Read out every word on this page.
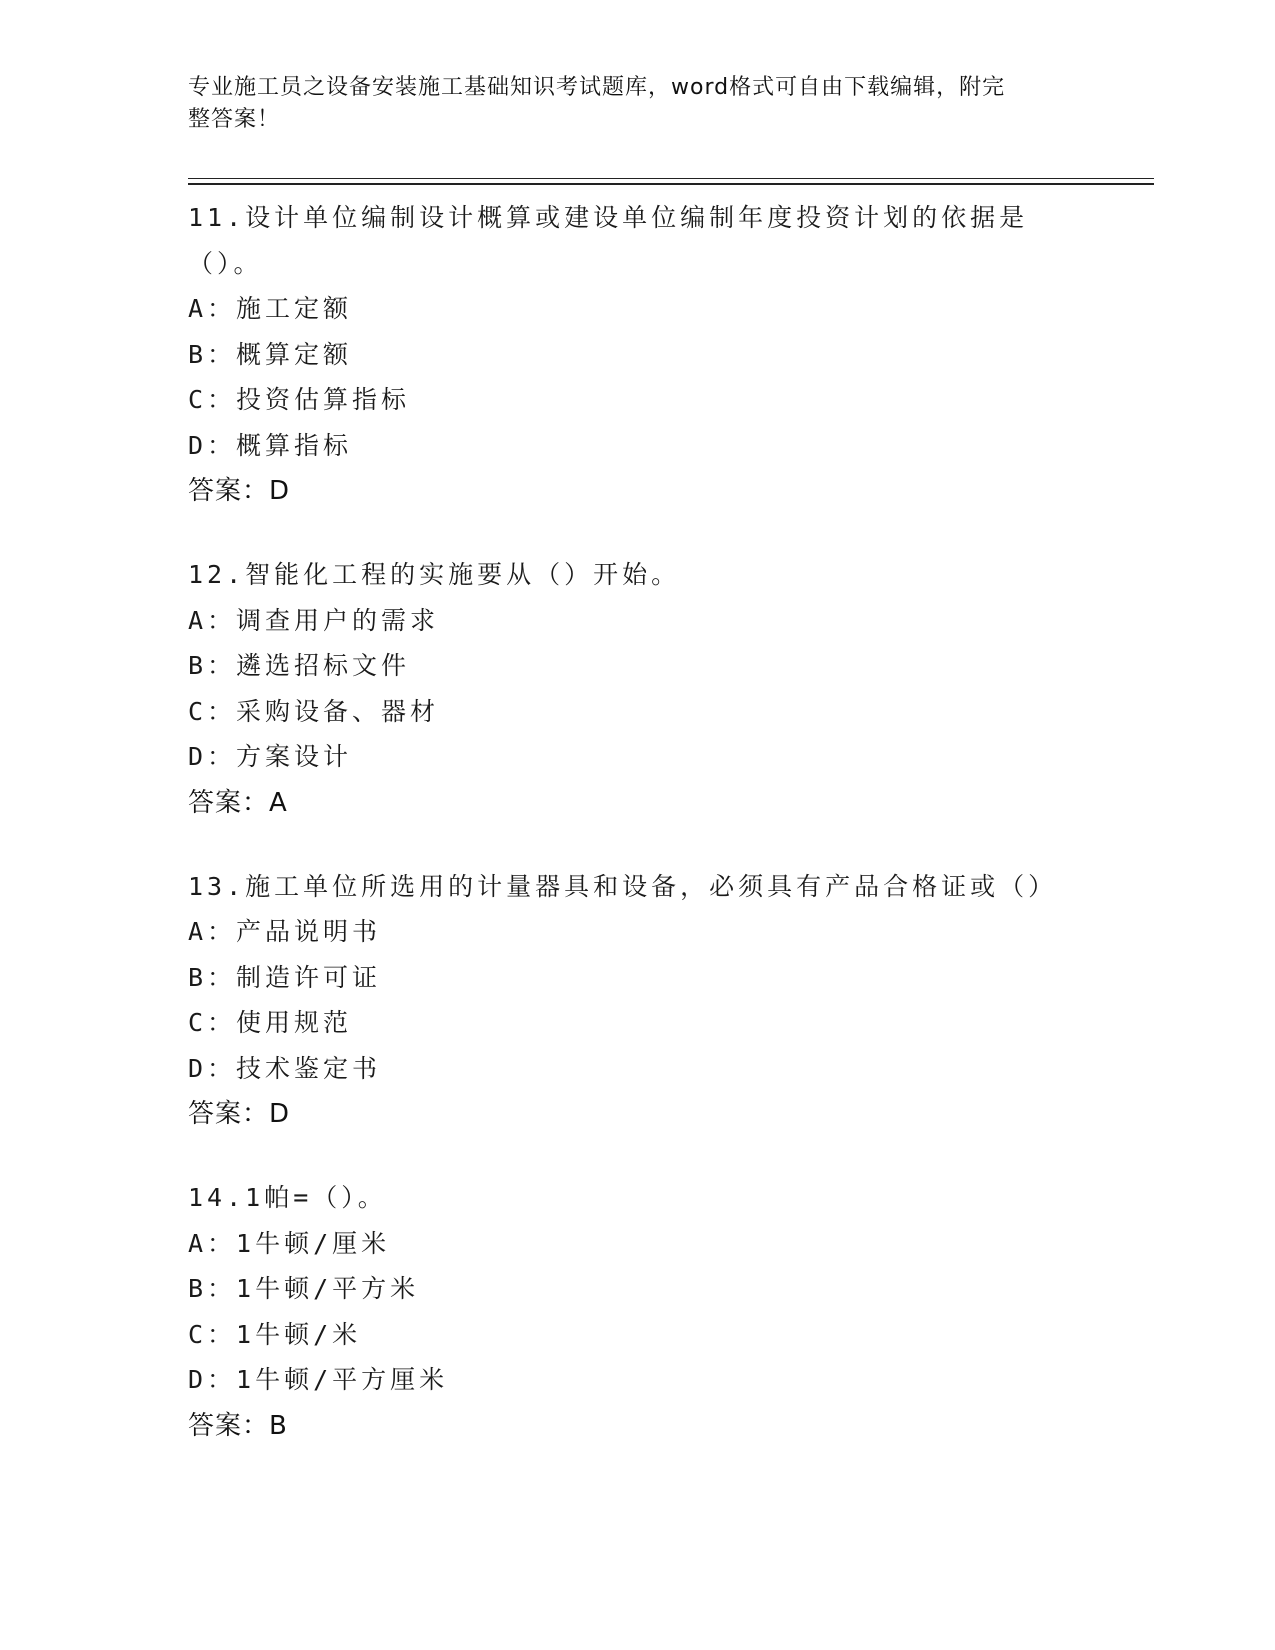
专业施工员之设备安装施工基础知识考试题库，word格式可自由下载编辑，附完
整答案！
11.设计单位编制设计概算或建设单位编制年度投资计划的依据是（）。
A：施工定额
B：概算定额
C：投资估算指标
D：概算指标
答案：D
12.智能化工程的实施要从（）开始。
A：调查用户的需求
B：遴选招标文件
C：采购设备、器材
D：方案设计
答案：A
13.施工单位所选用的计量器具和设备，必须具有产品合格证或（）
A：产品说明书
B：制造许可证
C：使用规范
D：技术鉴定书
答案：D
14.1帕=（）。
A：1牛顿/厘米
B：1牛顿/平方米
C：1牛顿/米
D：1牛顿/平方厘米
答案：B
